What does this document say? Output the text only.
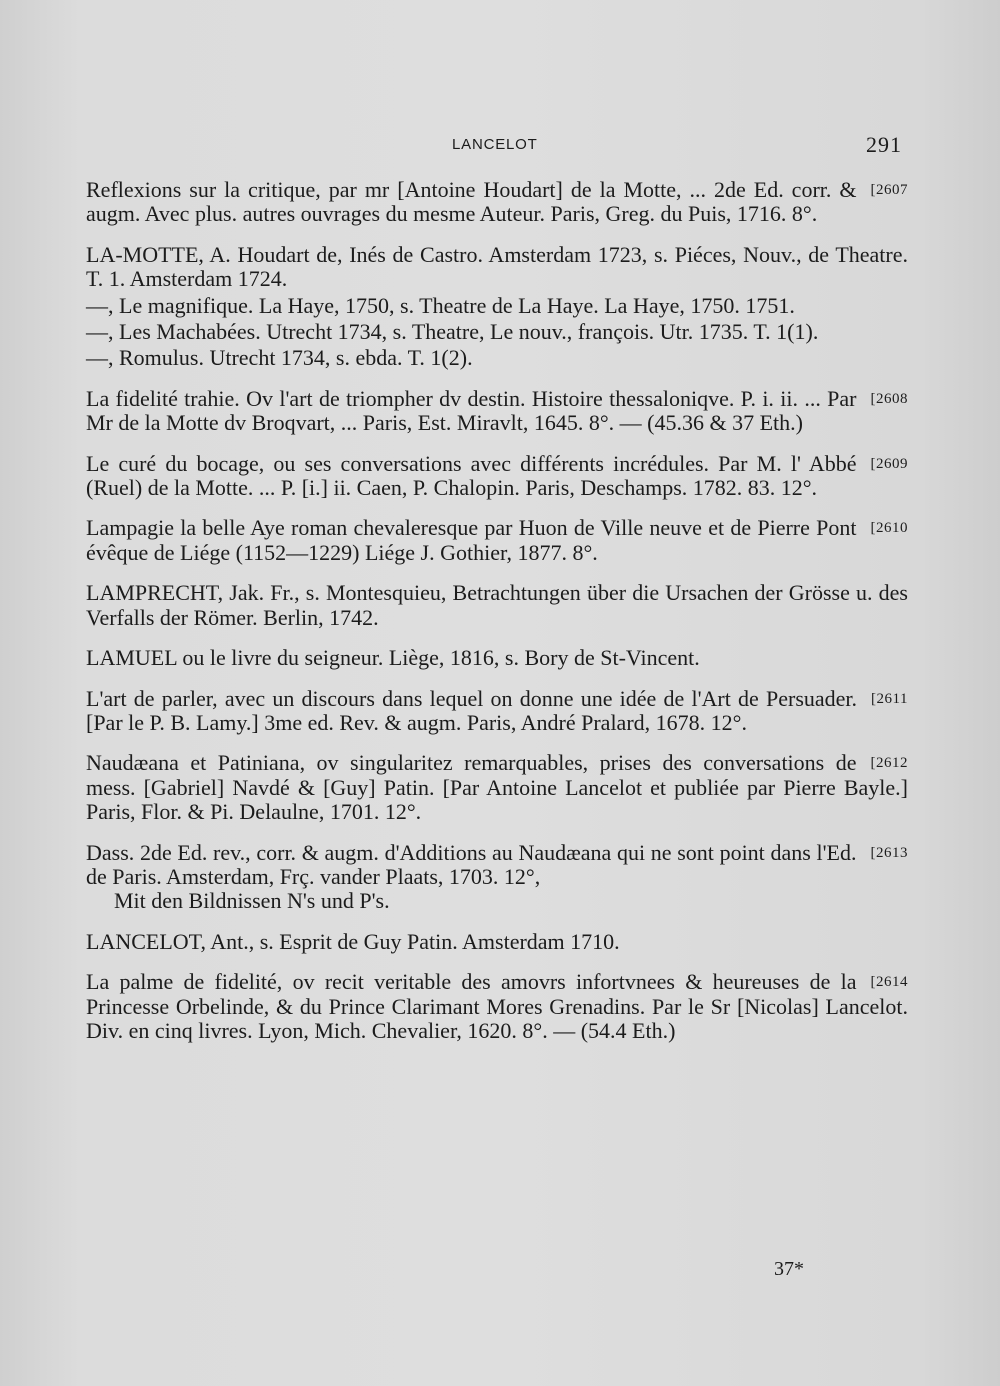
LANCELOT	291

[2607
Reflexions sur la critique, par mr [Antoine Houdart] de la Motte, ... 2de Ed. corr. & augm. Avec plus. autres ouvrages du mesme Auteur. Paris, Greg. du Puis, 1716. 8°.

LA-MOTTE, A. Houdart de, Inés de Castro. Amsterdam 1723, s. Piéces, Nouv., de Theatre. T. 1. Amsterdam 1724.

—, Le magnifique. La Haye, 1750, s. Theatre de La Haye. La Haye, 1750. 1751.

—, Les Machabées. Utrecht 1734, s. Theatre, Le nouv., françois. Utr. 1735. T. 1(1).

—, Romulus. Utrecht 1734, s. ebda. T. 1(2).

[2608
La fidelité trahie. Ov l'art de triompher dv destin. Histoire thessaloniqve. P. i. ii. ... Par Mr de la Motte dv Broqvart, ... Paris, Est. Miravlt, 1645. 8°. — (45.36 & 37 Eth.)

[2609
Le curé du bocage, ou ses conversations avec différents incrédules. Par M. l' Abbé (Ruel) de la Motte. ... P. [i.] ii. Caen, P. Chalopin. Paris, Deschamps. 1782. 83. 12°.

[2610
Lampagie la belle Aye roman chevaleresque par Huon de Ville neuve et de Pierre Pont évêque de Liége (1152—1229) Liége J. Gothier, 1877. 8°.

LAMPRECHT, Jak. Fr., s. Montesquieu, Betrachtungen über die Ursachen der Grösse u. des Verfalls der Römer. Berlin, 1742.

LAMUEL ou le livre du seigneur. Liège, 1816, s. Bory de St-Vincent.

[2611
L'art de parler, avec un discours dans lequel on donne une idée de l'Art de Persuader. [Par le P. B. Lamy.] 3me ed. Rev. & augm. Paris, André Pralard, 1678. 12°.

[2612
Naudæana et Patiniana, ov singularitez remarquables, prises des conversations de mess. [Gabriel] Navdé & [Guy] Patin. [Par Antoine Lancelot et publiée par Pierre Bayle.] Paris, Flor. & Pi. Delaulne, 1701. 12°.

[2613
Dass. 2de Ed. rev., corr. & augm. d'Additions au Naudæana qui ne sont point dans l'Ed. de Paris. Amsterdam, Frç. vander Plaats, 1703. 12°,
Mit den Bildnissen N's und P's.

LANCELOT, Ant., s. Esprit de Guy Patin. Amsterdam 1710.

[2614
La palme de fidelité, ov recit veritable des amovrs infortvnees & heureuses de la Princesse Orbelinde, & du Prince Clarimant Mores Grenadins. Par le Sr [Nicolas] Lancelot. Div. en cinq livres. Lyon, Mich. Chevalier, 1620. 8°. — (54.4 Eth.)

37*
